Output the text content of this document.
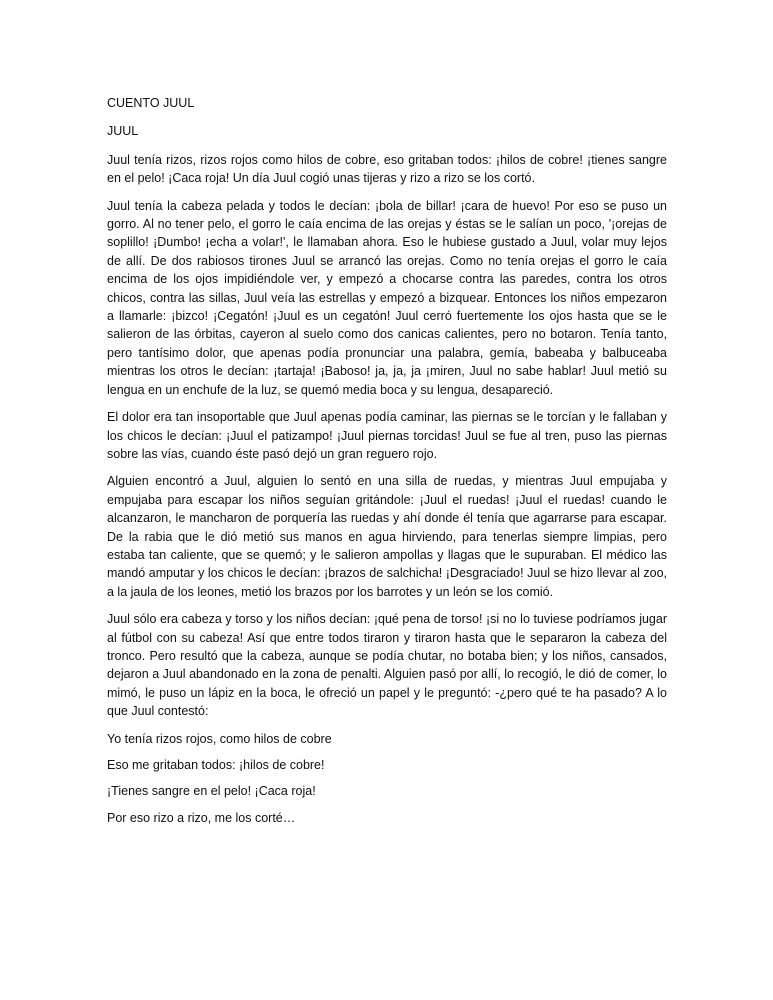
CUENTO JUUL
JUUL

Juul tenía rizos, rizos rojos como hilos de cobre, eso gritaban todos: ¡hilos de cobre! ¡tienes sangre en el pelo! ¡Caca roja! Un día Juul cogió unas tijeras y rizo a rizo se los cortó.

Juul tenía la cabeza pelada y todos le decían: ¡bola de billar! ¡cara de huevo! Por eso se puso un gorro. Al no tener pelo, el gorro le caía encima de las orejas y éstas se le salían un poco, '¡orejas de soplillo! ¡Dumbo! ¡echa a volar!', le llamaban ahora. Eso le hubiese gustado a Juul, volar muy lejos de allí. De dos rabiosos tirones Juul se arrancó las orejas. Como no tenía orejas el gorro le caía encima de los ojos impidiéndole ver, y empezó a chocarse contra las paredes, contra los otros chicos, contra las sillas, Juul veía las estrellas y empezó a bizquear. Entonces los niños empezaron a llamarle: ¡bizco! ¡Cegatón! ¡Juul es un cegatón! Juul cerró fuertemente los ojos hasta que se le salieron de las órbitas, cayeron al suelo como dos canicas calientes, pero no botaron. Tenía tanto, pero tantísimo dolor, que apenas podía pronunciar una palabra, gemía, babeaba y balbuceaba mientras los otros le decían: ¡tartaja! ¡Baboso! ja, ja, ja ¡miren, Juul no sabe hablar! Juul metió su lengua en un enchufe de la luz, se quemó media boca y su lengua, desapareció.

El dolor era tan insoportable que Juul apenas podía caminar, las piernas se le torcían y le fallaban y los chicos le decían: ¡Juul el patizampo! ¡Juul piernas torcidas! Juul se fue al tren, puso las piernas sobre las vías, cuando éste pasó dejó un gran reguero rojo.

Alguien encontró a Juul, alguien lo sentó en una silla de ruedas, y mientras Juul empujaba y empujaba para escapar los niños seguían gritándole: ¡Juul el ruedas! ¡Juul el ruedas! cuando le alcanzaron, le mancharon de porquería las ruedas y ahí donde él tenía que agarrarse para escapar. De la rabia que le dió metió sus manos en agua hirviendo, para tenerlas siempre limpias, pero estaba tan caliente, que se quemó; y le salieron ampollas y llagas que le supuraban. El médico las mandó amputar y los chicos le decían: ¡brazos de salchicha! ¡Desgraciado! Juul se hizo llevar al zoo, a la jaula de los leones, metió los brazos por los barrotes y un león se los comió.

Juul sólo era cabeza y torso y los niños decían: ¡qué pena de torso! ¡si no lo tuviese podríamos jugar al fútbol con su cabeza! Así que entre todos tiraron y tiraron hasta que le separaron la cabeza del tronco. Pero resultó que la cabeza, aunque se podía chutar, no botaba bien; y los niños, cansados, dejaron a Juul abandonado en la zona de penalti. Alguien pasó por allí, lo recogió, le dió de comer, lo mimó, le puso un lápiz en la boca, le ofreció un papel y le preguntó: -¿pero qué te ha pasado? A lo que Juul contestó:

Yo tenía rizos rojos, como hilos de cobre
Eso me gritaban todos: ¡hilos de cobre!
¡Tienes sangre en el pelo! ¡Caca roja!
Por eso rizo a rizo, me los corté…
